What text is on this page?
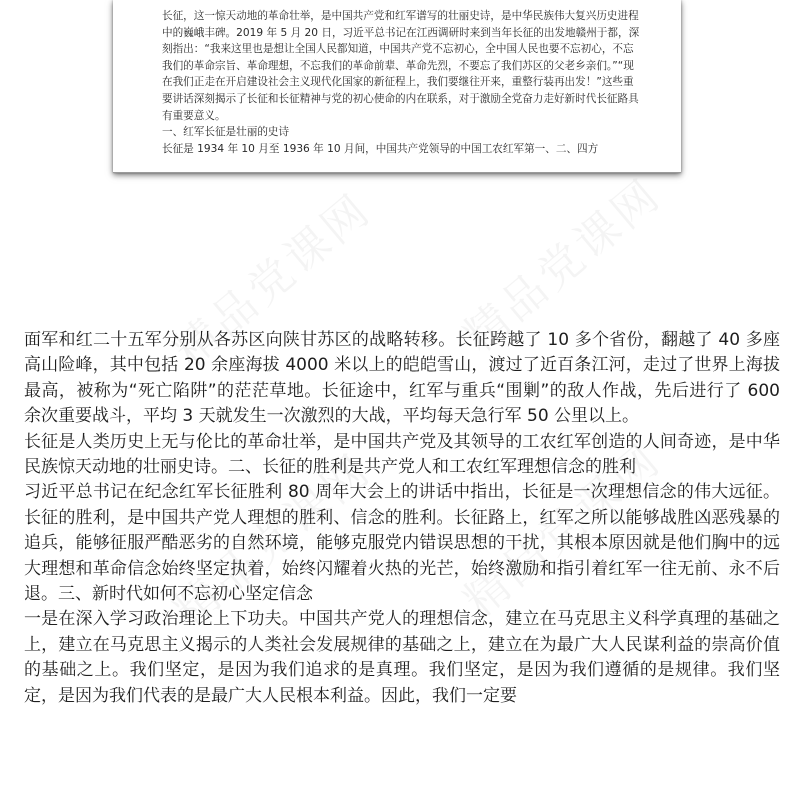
长征，这一惊天动地的革命壮举，是中国共产党和红军谱写的壮丽史诗，是中华民族伟大复兴历史进程中的巍峨丰碑。2019 年 5 月 20 日，习近平总书记在江西调研时来到当年长征的出发地赣州于都，深刻指出：“我来这里也是想让全国人民都知道，中国共产党不忘初心，全中国人民也要不忘初心，不忘我们的革命宗旨、革命理想，不忘我们的革命前辈、革命先烈，不要忘了我们苏区的父老乡亲们。”“现在我们正走在开启建设社会主义现代化国家的新征程上，我们要继往开来，重整行装再出发！”这些重要讲话深刻揭示了长征和长征精神与党的初心使命的内在联系，对于激励全党奋力走好新时代长征路具有重要意义。

一、红军长征是壮丽的史诗

长征是 1934 年 10 月至 1936 年 10 月间，中国共产党领导的中国工农红军第一、二、四方

面军和红二十五军分别从各苏区向陕甘苏区的战略转移。长征跨越了 10 多个省份，翻越了 40 多座高山险峰，其中包括 20 余座海拔 4000 米以上的皑皑雪山，渡过了近百条江河，走过了世界上海拔最高，被称为“死亡陷阱”的茫茫草地。长征途中，红军与重兵“围剿”的敌人作战，先后进行了 600 余次重要战斗，平均 3 天就发生一次激烈的大战，平均每天急行军 50 公里以上。

长征是人类历史上无与伦比的革命壮举，是中国共产党及其领导的工农红军创造的人间奇迹，是中华民族惊天动地的壮丽史诗。二、长征的胜利是共产党人和工农红军理想信念的胜利

习近平总书记在纪念红军长征胜利 80 周年大会上的讲话中指出，长征是一次理想信念的伟大远征。长征的胜利，是中国共产党人理想的胜利、信念的胜利。长征路上，红军之所以能够战胜凶恶残暴的追兵，能够征服严酷恶劣的自然环境，能够克服党内错误思想的干扰，其根本原因就是他们胸中的远大理想和革命信念始终坚定执着，始终闪耀着火热的光芒，始终激励和指引着红军一往无前、永不后退。三、新时代如何不忘初心坚定信念

一是在深入学习政治理论上下功夫。中国共产党人的理想信念，建立在马克思主义科学真理的基础之上，建立在马克思主义揭示的人类社会发展规律的基础之上，建立在为最广大人民谋利益的崇高价值的基础之上。我们坚定，是因为我们追求的是真理。我们坚定，是因为我们遵循的是规律。我们坚定，是因为我们代表的是最广大人民根本利益。因此，我们一定要
